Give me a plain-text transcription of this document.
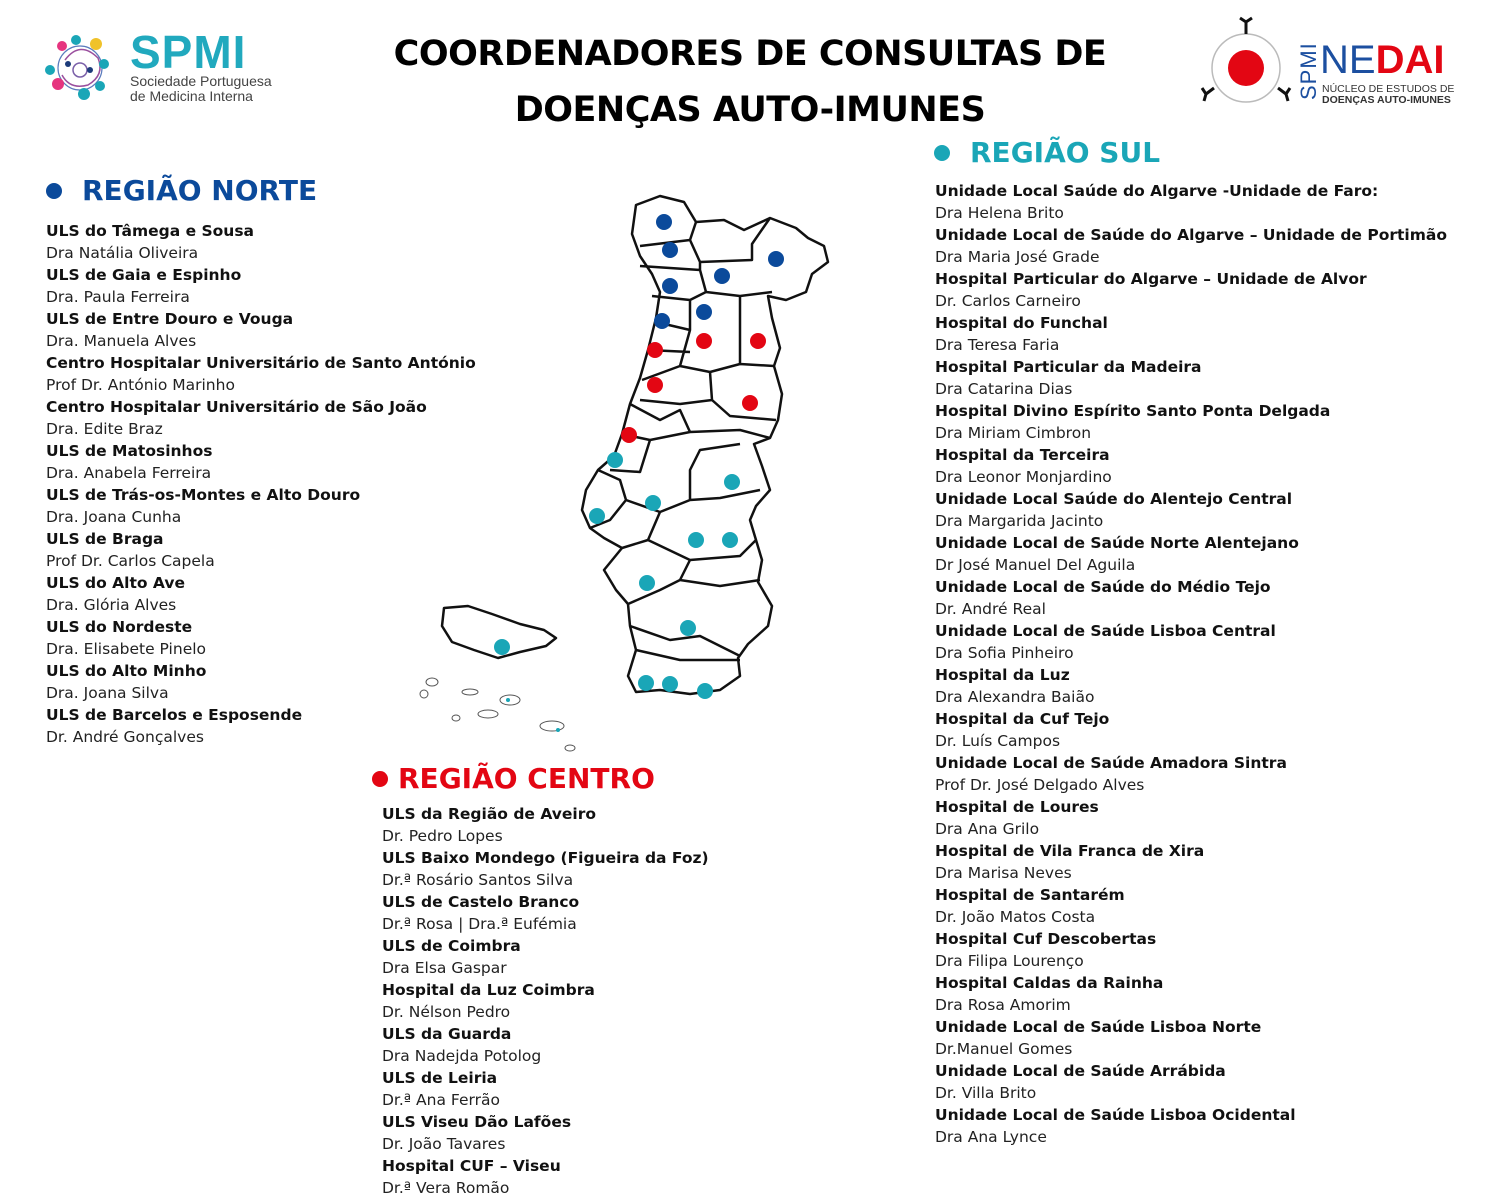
COORDENADORES DE CONSULTAS DE
DOENÇAS AUTO-IMUNES
SPMI
Sociedade Portuguesa
de Medicina Interna	SPMI NEDAI
NÚCLEO DE ESTUDOS DE
DOENÇAS AUTO-IMUNES
REGIÃO NORTE
REGIÃO SUL
REGIÃO CENTRO
ULS do Tâmega e Sousa
Dra Natália Oliveira
ULS de Gaia e Espinho
Dra. Paula Ferreira
ULS de Entre Douro e Vouga
Dra. Manuela Alves
Centro Hospitalar Universitário de Santo António
Prof Dr. António Marinho
Centro Hospitalar Universitário de São João
Dra. Edite Braz
ULS de Matosinhos
Dra. Anabela Ferreira
ULS de Trás-os-Montes e Alto Douro
Dra. Joana Cunha
ULS de Braga
Prof Dr. Carlos Capela
ULS do Alto Ave
Dra. Glória Alves
ULS do Nordeste
Dra. Elisabete Pinelo
ULS do Alto Minho
Dra. Joana Silva
ULS de Barcelos e Esposende
Dr. André Gonçalves
Unidade Local Saúde do Algarve -Unidade de Faro:
Dra Helena Brito
Unidade Local de Saúde do Algarve – Unidade de Portimão
Dra Maria José Grade
Hospital Particular do Algarve – Unidade de Alvor
Dr. Carlos Carneiro
Hospital do Funchal
Dra Teresa Faria
Hospital Particular da Madeira
Dra Catarina Dias
Hospital Divino Espírito Santo Ponta Delgada
Dra Miriam Cimbron
Hospital da Terceira
Dra Leonor Monjardino
Unidade Local Saúde do Alentejo Central
Dra Margarida Jacinto
Unidade Local de Saúde Norte Alentejano
Dr José Manuel Del Aguila
Unidade Local de Saúde do Médio Tejo
Dr. André Real
Unidade Local de Saúde Lisboa Central
Dra Sofia Pinheiro
Hospital da Luz
Dra Alexandra Baião
Hospital da Cuf Tejo
Dr. Luís Campos
Unidade Local de Saúde Amadora Sintra
Prof Dr. José Delgado Alves
Hospital de Loures
Dra Ana Grilo
Hospital de Vila Franca de Xira
Dra Marisa Neves
Hospital de Santarém
Dr. João Matos Costa
Hospital Cuf Descobertas
Dra Filipa Lourenço
Hospital Caldas da Rainha
Dra Rosa Amorim
Unidade Local de Saúde Lisboa Norte
Dr.Manuel Gomes
Unidade Local de Saúde Arrábida
Dr. Villa Brito
Unidade Local de Saúde Lisboa Ocidental
Dra Ana Lynce
ULS da Região de Aveiro
Dr. Pedro Lopes
ULS Baixo Mondego (Figueira da Foz)
Dr.ª Rosário Santos Silva
ULS de Castelo Branco
Dr.ª Rosa | Dra.ª Eufémia
ULS de Coimbra
Dra Elsa Gaspar
Hospital da Luz Coimbra
Dr. Nélson Pedro
ULS da Guarda
Dra Nadejda Potolog
ULS de Leiria
Dr.ª Ana Ferrão
ULS Viseu Dão Lafões
Dr. João Tavares
Hospital CUF – Viseu
Dr.ª Vera Romão
